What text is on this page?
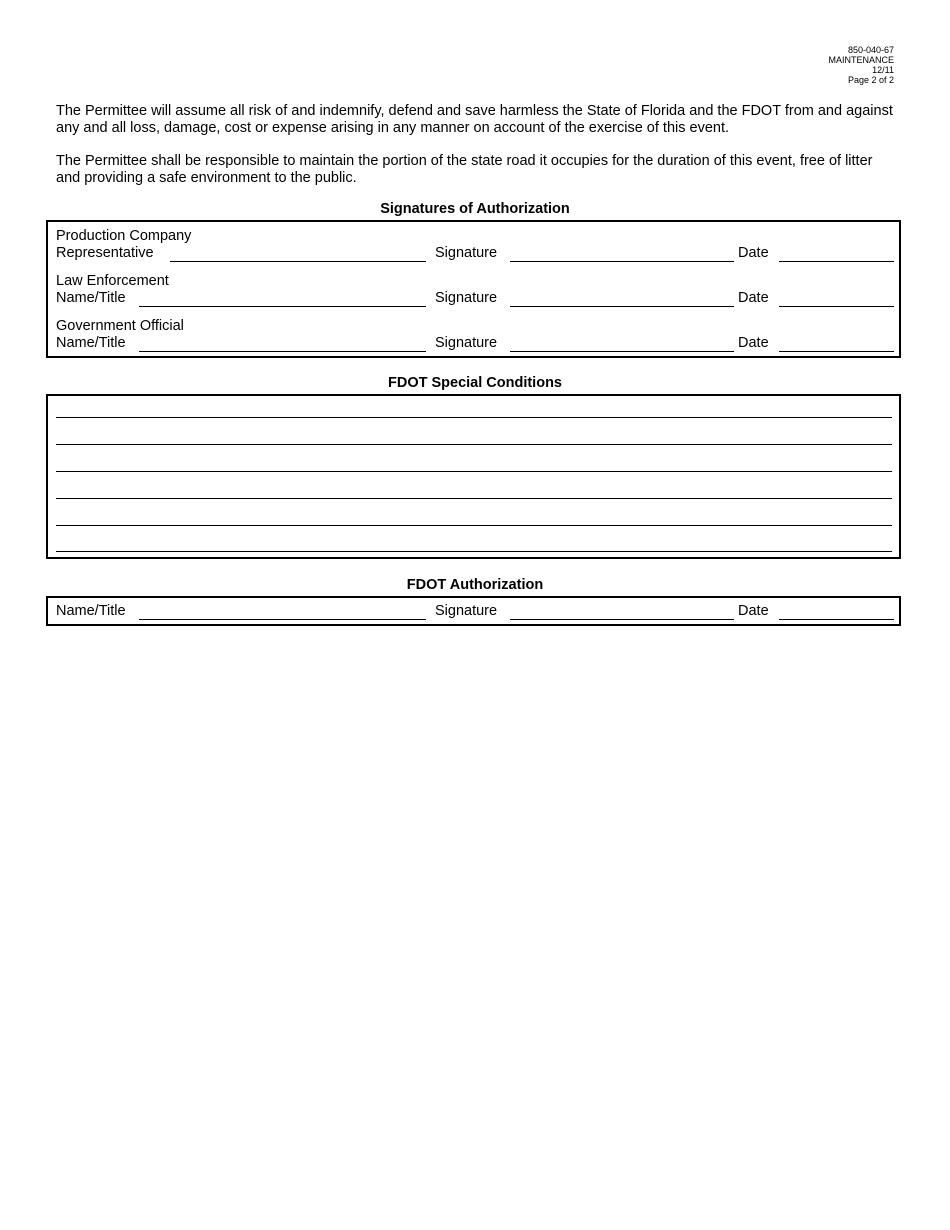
850-040-67
MAINTENANCE
12/11
Page 2 of 2

The Permittee will assume all risk of and indemnify, defend and save harmless the State of Florida and the FDOT from and against any and all loss, damage, cost or expense arising in any manner on account of the exercise of this event.

The Permittee shall be responsible to maintain the portion of the state road it occupies for the duration of this event, free of litter and providing a safe environment to the public.

Signatures of Authorization
Production Company
Representative	Signature	Date
Law Enforcement
Name/Title	Signature	Date
Government Official
Name/Title	Signature	Date
FDOT Special Conditions
FDOT Authorization
Name/Title	Signature	Date
